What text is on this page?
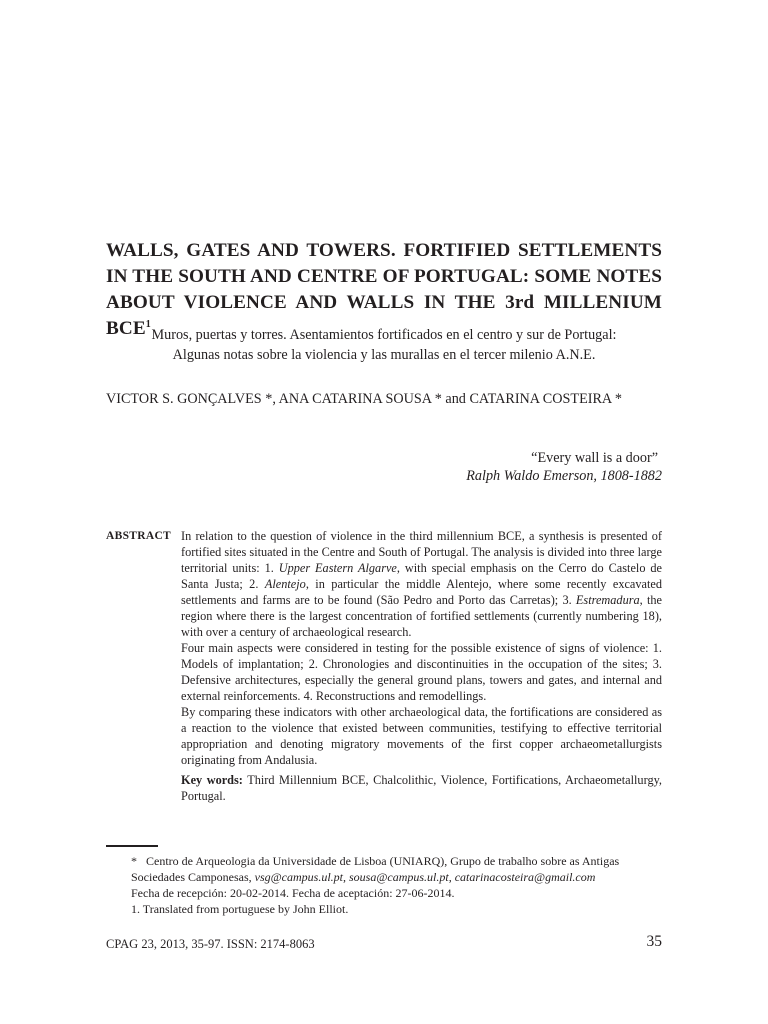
WALLS, GATES AND TOWERS. FORTIFIED SETTLEMENTS
IN THE SOUTH AND CENTRE OF PORTUGAL: SOME NOTES
ABOUT VIOLENCE AND WALLS IN THE 3rd MILLENIUM BCE$^1$
Muros, puertas y torres. Asentamientos fortificados en el centro y sur de Portugal:
Algunas notas sobre la violencia y las murallas en el tercer milenio A.N.E.
VICTOR S. GONÇALVES *, ANA CATARINA SOUSA * and CATARINA COSTEIRA *
“Every wall is a door”
Ralph Waldo Emerson, 1808-1882
ABSTRACT In relation to the question of violence in the third millennium BCE, a synthesis is presented of fortified sites situated in the Centre and South of Portugal. The analysis is divided into three large territorial units: 1. Upper Eastern Algarve, with special emphasis on the Cerro do Castelo de Santa Justa; 2. Alentejo, in particular the middle Alentejo, where some recently excavated settlements and farms are to be found (São Pedro and Porto das Carretas); 3. Estremadura, the region where there is the largest concentration of fortified settlements (currently numbering 18), with over a century of archaeological research.

Four main aspects were considered in testing for the possible existence of signs of violence: 1. Models of implantation; 2. Chronologies and discontinuities in the occupation of the sites; 3. Defensive architectures, especially the general ground plans, towers and gates, and internal and external reinforcements. 4. Reconstructions and remodellings.

By comparing these indicators with other archaeological data, the fortifications are considered as a reaction to the violence that existed between communities, testifying to effective territorial appropriation and denoting migratory movements of the first copper archaeometallurgists originating from Andalusia.

Key words: Third Millennium BCE, Chalcolithic, Violence, Fortifications, Archaeometallurgy, Portugal.

* Centro de Arqueologia da Universidade de Lisboa (UNIARQ), Grupo de trabalho sobre as Antigas Sociedades Camponesas, vsg@campus.ul.pt, sousa@campus.ul.pt, catarinacosteira@gmail.com

Fecha de recepción: 20-02-2014. Fecha de aceptación: 27-06-2014.

1. Translated from portuguese by John Elliot.

CPAG 23, 2013, 35-97. ISSN: 2174-8063	35
